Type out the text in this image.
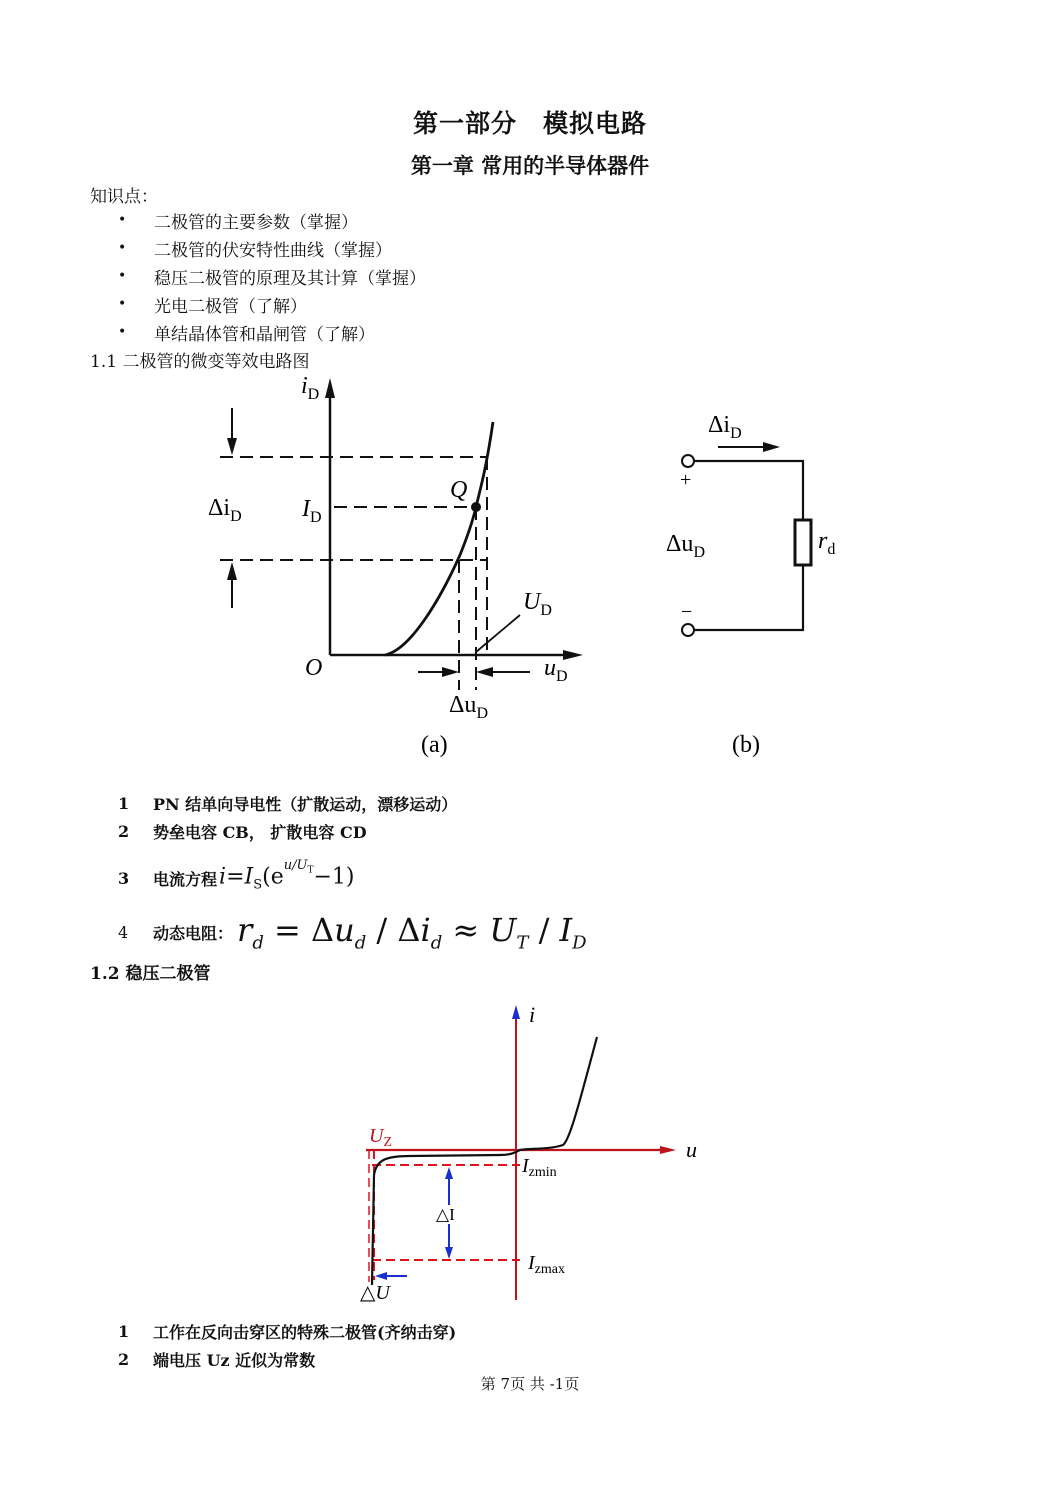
第一部分　模拟电路
第一章 常用的半导体器件
知识点：
•	二极管的主要参数（掌握）
•	二极管的伏安特性曲线（掌握）
•	稳压二极管的原理及其计算（掌握）
•	光电二极管（了解）
•	单结晶体管和晶闸管（了解）
1.1 二极管的微变等效电路图
$i_D$
Q
$I_D$
$\Delta i_D$
$U_D$
O	$u_D$
$\Delta u_D$
(a)
$\Delta i_D$
+
−
$\Delta u_D$	$r_d$
(b)
1	PN 结单向导电性（扩散运动，漂移运动）
2	势垒电容 CB， 扩散电容 CD
3	电流方程 $i=I_S(e^{u/U_T}-1)$
4	动态电阻： $r_d = \Delta u_d / \Delta i_d \approx U_T / I_D$
1.2 稳压二极管
i
u
$U_Z$
$I_{zmin}$
$I_{zmax}$
△I
△U
1	工作在反向击穿区的特殊二极管(齐纳击穿)
2	端电压 Uz 近似为常数
第 7页 共 -1页
